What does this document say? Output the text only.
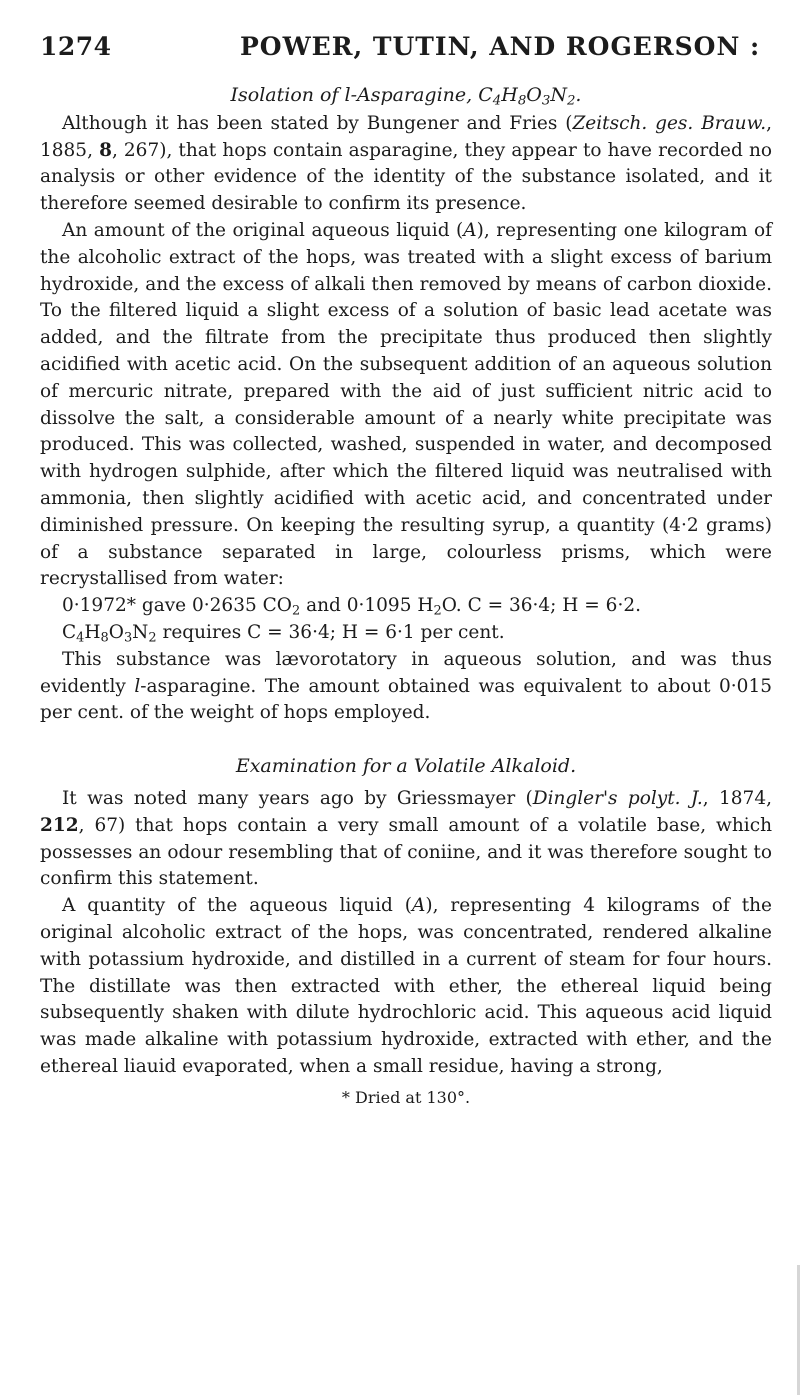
1274	POWER, TUTIN, AND ROGERSON :
Isolation of l-Asparagine, $C_4H_8O_3N_2$.

Although it has been stated by Bungener and Fries (Zeitsch. ges. Brauw., 1885, 8, 267), that hops contain asparagine, they appear to have recorded no analysis or other evidence of the identity of the substance isolated, and it therefore seemed desirable to confirm its presence.

An amount of the original aqueous liquid (A), representing one kilogram of the alcoholic extract of the hops, was treated with a slight excess of barium hydroxide, and the excess of alkali then removed by means of carbon dioxide. To the filtered liquid a slight excess of a solution of basic lead acetate was added, and the filtrate from the precipitate thus produced then slightly acidified with acetic acid. On the subsequent addition of an aqueous solution of mercuric nitrate, prepared with the aid of just sufficient nitric acid to dissolve the salt, a considerable amount of a nearly white precipitate was produced. This was collected, washed, suspended in water, and decomposed with hydrogen sulphide, after which the filtered liquid was neutralised with ammonia, then slightly acidified with acetic acid, and concentrated under diminished pressure. On keeping the resulting syrup, a quantity (4·2 grams) of a substance separated in large, colourless prisms, which were recrystallised from water:

0·1972* gave 0·2635 $CO_2$ and 0·1095 $H_2O$. C = 36·4; H = 6·2.

$C_4H_8O_3N_2$ requires C = 36·4; H = 6·1 per cent.

This substance was lævorotatory in aqueous solution, and was thus evidently l-asparagine. The amount obtained was equivalent to about 0·015 per cent. of the weight of hops employed.

Examination for a Volatile Alkaloid.

It was noted many years ago by Griessmayer (Dingler's polyt. J., 1874, 212, 67) that hops contain a very small amount of a volatile base, which possesses an odour resembling that of coniine, and it was therefore sought to confirm this statement.

A quantity of the aqueous liquid (A), representing 4 kilograms of the original alcoholic extract of the hops, was concentrated, rendered alkaline with potassium hydroxide, and distilled in a current of steam for four hours. The distillate was then extracted with ether, the ethereal liquid being subsequently shaken with dilute hydrochloric acid. This aqueous acid liquid was made alkaline with potassium hydroxide, extracted with ether, and the ethereal liauid evaporated, when a small residue, having a strong,

* Dried at 130°.
